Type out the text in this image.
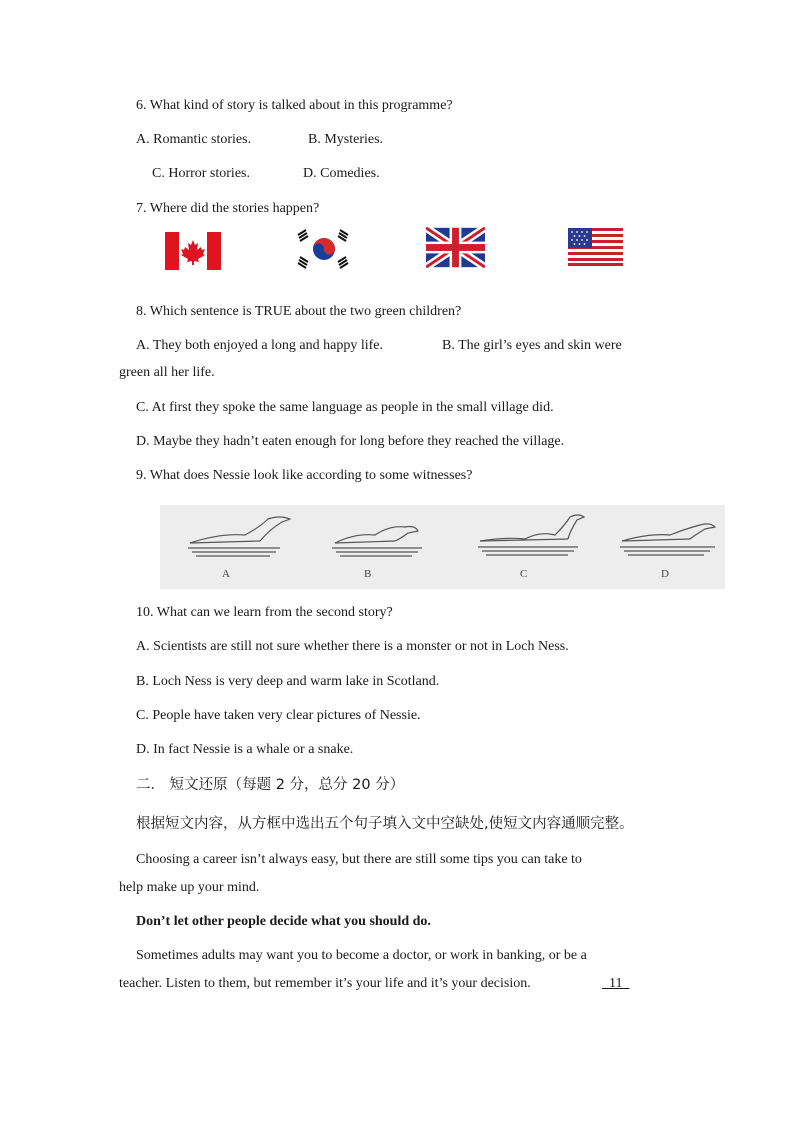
6. What kind of story is talked about in this programme?
A. Romantic stories.	B. Mysteries.
C. Horror stories.	D. Comedies.
7. Where did the stories happen?
8. Which sentence is TRUE about the two green children?
A. They both enjoyed a long and happy life.	B. The girl’s eyes and skin were
green all her life.
C. At first they spoke the same language as people in the small village did.
D. Maybe they hadn’t eaten enough for long before they reached the village.
9. What does Nessie look like according to some witnesses?
A	B	C	D
10. What can we learn from the second story?
A. Scientists are still not sure whether there is a monster or not in Loch Ness.
B. Loch Ness is very deep and warm lake in Scotland.
C. People have taken very clear pictures of Nessie.
D. In fact Nessie is a whale or a snake.
二． 短文还原（每题 2 分，总分 20 分）
根据短文内容，从方框中选出五个句子填入文中空缺处,使短文内容通顺完整。
Choosing a career isn’t always easy, but there are still some tips you can take to
help make up your mind.
Don’t let other people decide what you should do.
Sometimes adults may want you to become a doctor, or work in banking, or be a
teacher. Listen to them, but remember it’s your life and it’s your decision.	11
